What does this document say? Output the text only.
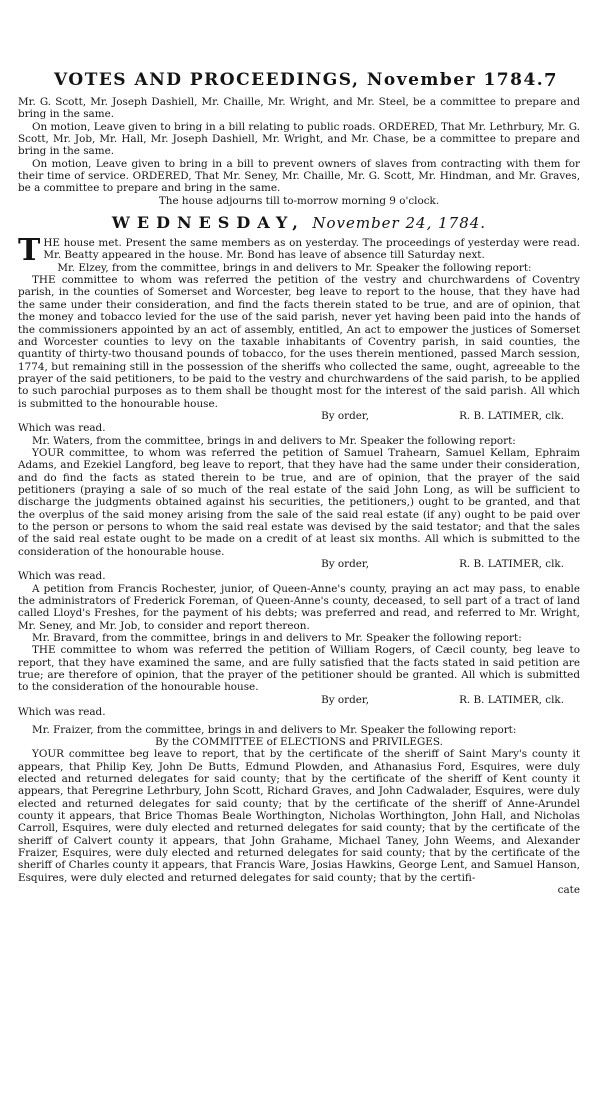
VOTES AND PROCEEDINGS, November 1784. 7

Mr. G. Scott, Mr. Joseph Dashiell, Mr. Chaille, Mr. Wright, and Mr. Steel, be a committee to prepare and bring in the same.

On motion, Leave given to bring in a bill relating to public roads. ORDERED, That Mr. Lethrbury, Mr. G. Scott, Mr. Job, Mr. Hall, Mr. Joseph Dashiell, Mr. Wright, and Mr. Chase, be a committee to prepare and bring in the same.

On motion, Leave given to bring in a bill to prevent owners of slaves from contracting with them for their time of service. ORDERED, That Mr. Seney, Mr. Chaille, Mr. G. Scott, Mr. Hindman, and Mr. Graves, be a committee to prepare and bring in the same.

The house adjourns till to-morrow morning 9 o'clock.

WEDNESDAY, November 24, 1784.

THE house met. Present the same members as on yesterday. The proceedings of yesterday were read. Mr. Beatty appeared in the house. Mr. Bond has leave of absence till Saturday next.

Mr. Elzey, from the committee, brings in and delivers to Mr. Speaker the following report:

THE committee to whom was referred the petition of the vestry and churchwardens of Coventry parish, in the counties of Somerset and Worcester, beg leave to report to the house, that they have had the same under their consideration, and find the facts therein stated to be true, and are of opinion, that the money and tobacco levied for the use of the said parish, never yet having been paid into the hands of the commissioners appointed by an act of assembly, entitled, An act to empower the justices of Somerset and Worcester counties to levy on the taxable inhabitants of Coventry parish, in said counties, the quantity of thirty-two thousand pounds of tobacco, for the uses therein mentioned, passed March session, 1774, but remaining still in the possession of the sheriffs who collected the same, ought, agreeable to the prayer of the said petitioners, to be paid to the vestry and churchwardens of the said parish, to be applied to such parochial purposes as to them shall be thought most for the interest of the said parish. All which is submitted to the honourable house.

By order,	R. B. LATIMER, clk.

Which was read.

Mr. Waters, from the committee, brings in and delivers to Mr. Speaker the following report:

YOUR committee, to whom was referred the petition of Samuel Trahearn, Samuel Kellam, Ephraim Adams, and Ezekiel Langford, beg leave to report, that they have had the same under their consideration, and do find the facts as stated therein to be true, and are of opinion, that the prayer of the said petitioners (praying a sale of so much of the real estate of the said John Long, as will be sufficient to discharge the judgments obtained against his securities, the petitioners,) ought to be granted, and that the overplus of the said money arising from the sale of the said real estate (if any) ought to be paid over to the person or persons to whom the said real estate was devised by the said testator; and that the sales of the said real estate ought to be made on a credit of at least six months. All which is submitted to the consideration of the honourable house.

By order,	R. B. LATIMER, clk.

Which was read.

A petition from Francis Rochester, junior, of Queen-Anne's county, praying an act may pass, to enable the administrators of Frederick Foreman, of Queen-Anne's county, deceased, to sell part of a tract of land called Lloyd's Freshes, for the payment of his debts; was preferred and read, and referred to Mr. Wright, Mr. Seney, and Mr. Job, to consider and report thereon.

Mr. Bravard, from the committee, brings in and delivers to Mr. Speaker the following report:

THE committee to whom was referred the petition of William Rogers, of Cæcil county, beg leave to report, that they have examined the same, and are fully satisfied that the facts stated in said petition are true; are therefore of opinion, that the prayer of the petitioner should be granted. All which is submitted to the consideration of the honourable house.

By order,	R. B. LATIMER, clk.

Which was read.

Mr. Fraizer, from the committee, brings in and delivers to Mr. Speaker the following report:

By the COMMITTEE of ELECTIONS and PRIVILEGES.

YOUR committee beg leave to report, that by the certificate of the sheriff of Saint Mary's county it appears, that Philip Key, John De Butts, Edmund Plowden, and Athanasius Ford, Esquires, were duly elected and returned delegates for said county; that by the certificate of the sheriff of Kent county it appears, that Peregrine Lethrbury, John Scott, Richard Graves, and John Cadwalader, Esquires, were duly elected and returned delegates for said county; that by the certificate of the sheriff of Anne-Arundel county it appears, that Brice Thomas Beale Worthington, Nicholas Worthington, John Hall, and Nicholas Carroll, Esquires, were duly elected and returned delegates for said county; that by the certificate of the sheriff of Calvert county it appears, that John Grahame, Michael Taney, John Weems, and Alexander Fraizer, Esquires, were duly elected and returned delegates for said county; that by the certificate of the sheriff of Charles county it appears, that Francis Ware, Josias Hawkins, George Lent, and Samuel Hanson, Esquires, were duly elected and returned delegates for said county; that by the certifi-

cate
